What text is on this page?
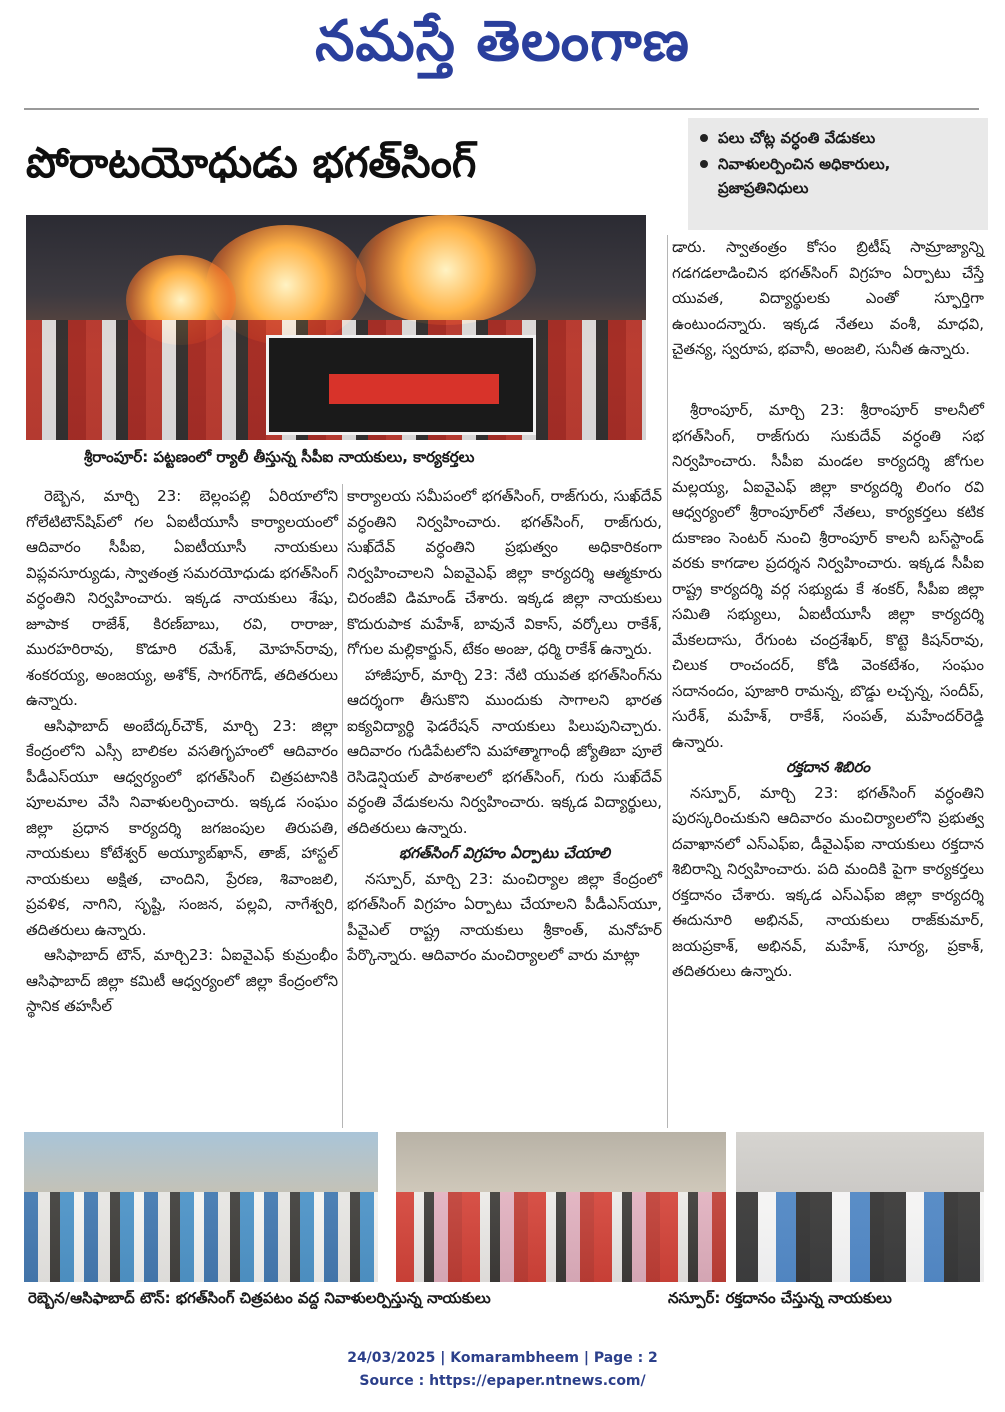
నమస్తే తెలంగాణ
పోరాటయోధుడు భగత్‌సింగ్	పలు చోట్ల వర్ధంతి వేడుకలు
నివాళులర్పించిన అధికారులు, ప్రజాప్రతినిధులు
శ్రీరాంపూర్: పట్టణంలో ర్యాలీ తీస్తున్న సీపీఐ నాయకులు, కార్యకర్తలు

రెబ్బెన, మార్చి 23: బెల్లంపల్లి ఏరియాలోని గోలేటిటౌన్‌షిప్‌లో గల ఏఐటీయూసీ కార్యాలయంలో ఆదివారం సీపీఐ, ఏఐటీయూసీ నాయకులు విప్లవసూర్యుడు, స్వాతంత్ర సమరయోధుడు భగత్‌సింగ్ వర్ధంతిని నిర్వహించారు. ఇక్కడ నాయకులు శేషు, జూపాక రాజేశ్, కిరణ్‌బాబు, రవి, రారాజు, మురహరిరావు, కొడూరి రమేశ్, మోహన్‌రావు, శంకరయ్య, అంజయ్య, అశోక్, సాగర్‌గౌడ్, తదితరులు ఉన్నారు.

ఆసిఫాబాద్ అంబేద్కర్‌చౌక్, మార్చి 23: జిల్లా కేంద్రంలోని ఎస్సీ బాలికల వసతిగృహంలో ఆదివారం పీడీఎస్‌యూ ఆధ్వర్యంలో భగత్‌సింగ్ చిత్రపటానికి పూలమాల వేసి నివాళులర్పించారు. ఇక్కడ సంఘం జిల్లా ప్రధాన కార్యదర్శి జగజంపుల తిరుపతి, నాయకులు కోటేశ్వర్ అయ్యూబ్‌ఖాన్, తాజ్, హాస్టల్ నాయకులు అక్షిత, చాందిని, ప్రేరణ, శివాంజలి, ప్రవళిక, నాగిని, సృష్టి, సంజన, పల్లవి, నాగేశ్వరి, తదితరులు ఉన్నారు.

ఆసిఫాబాద్ టౌన్, మార్చి23: ఏఐవైఎఫ్ కుమ్రంభీం ఆసిఫాబాద్ జిల్లా కమిటీ ఆధ్వర్యంలో జిల్లా కేంద్రంలోని స్థానిక తహసీల్

కార్యాలయ సమీపంలో భగత్‌సింగ్, రాజ్‌గురు, సుఖ్‌దేవ్ వర్ధంతిని నిర్వహించారు. భగత్‌సింగ్, రాజ్‌గురు, సుఖ్‌దేవ్ వర్ధంతిని ప్రభుత్వం అధికారికంగా నిర్వహించాలని ఏఐవైఎఫ్ జిల్లా కార్యదర్శి ఆత్మకూరు చిరంజీవి డిమాండ్ చేశారు. ఇక్కడ జిల్లా నాయకులు కొదురుపాక మహేశ్, బావునే వికాస్, వర్కోలు రాకేశ్, గోగుల మల్లికార్జున్, టేకం అంజు, ధర్మి రాకేశ్ ఉన్నారు.

హాజీపూర్, మార్చి 23: నేటి యువత భగత్‌సింగ్‌ను ఆదర్శంగా తీసుకొని ముందుకు సాగాలని భారత ఐక్యవిద్యార్థి ఫెడరేషన్ నాయకులు పిలుపునిచ్చారు. ఆదివారం గుడిపేటలోని మహాత్మాగాంధీ జ్యోతిబా పూలే రెసిడెన్షియల్ పాఠశాలలో భగత్‌సింగ్, గురు సుఖ్‌దేవ్ వర్ధంతి వేడుకలను నిర్వహించారు. ఇక్కడ విద్యార్థులు, తదితరులు ఉన్నారు.

భగత్‌సింగ్ విగ్రహం ఏర్పాటు చేయాలి

నస్పూర్, మార్చి 23: మంచిర్యాల జిల్లా కేంద్రంలో భగత్‌సింగ్ విగ్రహం ఏర్పాటు చేయాలని పీడీఎస్‌యూ, పీవైఎల్ రాష్ట్ర నాయకులు శ్రీకాంత్, మనోహర్ పేర్కొన్నారు. ఆదివారం మంచిర్యాలలో వారు మాట్లా

డారు. స్వాతంత్రం కోసం బ్రిటీష్ సామ్రాజ్యాన్ని గడగడలాడించిన భగత్‌సింగ్ విగ్రహం ఏర్పాటు చేస్తే యువత, విద్యార్థులకు ఎంతో స్ఫూర్తిగా ఉంటుందన్నారు. ఇక్కడ నేతలు వంశీ, మాధవి, చైతన్య, స్వరూప, భవానీ, అంజలి, సునీత ఉన్నారు.

శ్రీరాంపూర్, మార్చి 23: శ్రీరాంపూర్ కాలనీలో భగత్‌సింగ్, రాజ్‌గురు సుకుదేవ్ వర్ధంతి సభ నిర్వహించారు. సీపీఐ మండల కార్యదర్శి జోగుల మల్లయ్య, ఏఐవైఎఫ్ జిల్లా కార్యదర్శి లింగం రవి ఆధ్వర్యంలో శ్రీరాంపూర్‌లో నేతలు, కార్యకర్తలు కటిక దుకాణం సెంటర్ నుంచి శ్రీరాంపూర్ కాలనీ బస్‌స్టాండ్ వరకు కాగడాల ప్రదర్శన నిర్వహించారు. ఇక్కడ సీపీఐ రాష్ట్ర కార్యదర్శి వర్గ సభ్యుడు కే శంకర్, సీపీఐ జిల్లా సమితి సభ్యులు, ఏఐటీయూసీ జిల్లా కార్యదర్శి మేకలదాసు, రేగుంట చంద్రశేఖర్, కొట్టె కిషన్‌రావు, చిలుక రాంచందర్, కోడి వెంకటేశం, సంఘం సదానందం, పూజారి రామన్న, బొడ్డు లచ్చన్న, సందీప్, సురేశ్, మహేశ్, రాకేశ్, సంపత్, మహేందర్‌రెడ్డి ఉన్నారు.

రక్తదాన శిబిరం

నస్పూర్, మార్చి 23: భగత్‌సింగ్ వర్ధంతిని పురస్కరించుకుని ఆదివారం మంచిర్యాలలోని ప్రభుత్వ దవాఖానలో ఎస్ఎఫ్ఐ, డీవైఎఫ్ఐ నాయకులు రక్తదాన శిబిరాన్ని నిర్వహించారు. పది మందికి పైగా కార్యకర్తలు రక్తదానం చేశారు. ఇక్కడ ఎస్ఎఫ్ఐ జిల్లా కార్యదర్శి ఈదునూరి అభినవ్, నాయకులు రాజ్‌కుమార్, జయప్రకాశ్, అభినవ్, మహేశ్, సూర్య, ప్రకాశ్, తదితరులు ఉన్నారు.

రెబ్బెన/ఆసిఫాబాద్ టౌన్: భగత్‌సింగ్ చిత్రపటం వద్ద నివాళులర్పిస్తున్న నాయకులు	నస్పూర్: రక్తదానం చేస్తున్న నాయకులు
24/03/2025 | Komarambheem | Page : 2
Source : https://epaper.ntnews.com/
